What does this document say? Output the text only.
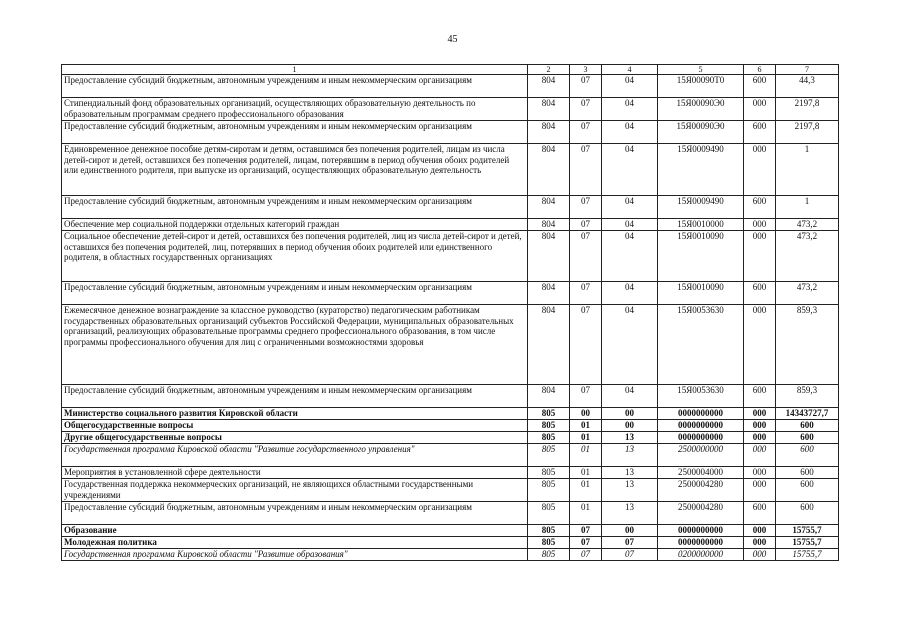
45
1	2	3	4	5	6	7
Предоставление субсидий бюджетным, автономным учреждениям и иным некоммерческим организациям	804	07	04	15Я00090Т0	600	44,3
Стипендиальный фонд образовательных организаций, осуществляющих образовательную деятельность по образовательным программам среднего профессионального образования	804	07	04	15Я00090Э0	000	2197,8
Предоставление субсидий бюджетным, автономным учреждениям и иным некоммерческим организациям	804	07	04	15Я00090Э0	600	2197,8
Единовременное денежное пособие детям-сиротам и детям, оставшимся без попечения родителей, лицам из числа детей-сирот и детей, оставшихся без попечения родителей, лицам, потерявшим в период обучения обоих родителей или единственного родителя, при выпуске из организаций, осуществляющих образовательную деятельность	804	07	04	15Я0009490	000	1
Предоставление субсидий бюджетным, автономным учреждениям и иным некоммерческим организациям	804	07	04	15Я0009490	600	1
Обеспечение мер социальной поддержки отдельных категорий граждан	804	07	04	15Я0010000	000	473,2
Социальное обеспечение детей-сирот и детей, оставшихся без попечения родителей, лиц из числа детей-сирот и детей, оставшихся без попечения родителей, лиц, потерявших в период обучения обоих родителей или единственного родителя, в областных государственных организациях	804	07	04	15Я0010090	000	473,2
Предоставление субсидий бюджетным, автономным учреждениям и иным некоммерческим организациям	804	07	04	15Я0010090	600	473,2
Ежемесячное денежное вознаграждение за классное руководство (кураторство) педагогическим работникам государственных образовательных организаций субъектов Российской Федерации, муниципальных образовательных организаций, реализующих образовательные программы среднего профессионального образования, в том числе программы профессионального обучения для лиц с ограниченными возможностями здоровья	804	07	04	15Я0053630	000	859,3
Предоставление субсидий бюджетным, автономным учреждениям и иным некоммерческим организациям	804	07	04	15Я0053630	600	859,3
Министерство социального развития Кировской области	805	00	00	0000000000	000	14343727,7
Общегосударственные вопросы	805	01	00	0000000000	000	600
Другие общегосударственные вопросы	805	01	13	0000000000	000	600
Государственная программа Кировской области "Развитие государственного управления"	805	01	13	2500000000	000	600
Мероприятия в установленной сфере деятельности	805	01	13	2500004000	000	600
Государственная поддержка некоммерческих организаций, не являющихся областными государственными учреждениями	805	01	13	2500004280	000	600
Предоставление субсидий бюджетным, автономным учреждениям и иным некоммерческим организациям	805	01	13	2500004280	600	600
Образование	805	07	00	0000000000	000	15755,7
Молодежная политика	805	07	07	0000000000	000	15755,7
Государственная программа Кировской области "Развитие образования"	805	07	07	0200000000	000	15755,7
